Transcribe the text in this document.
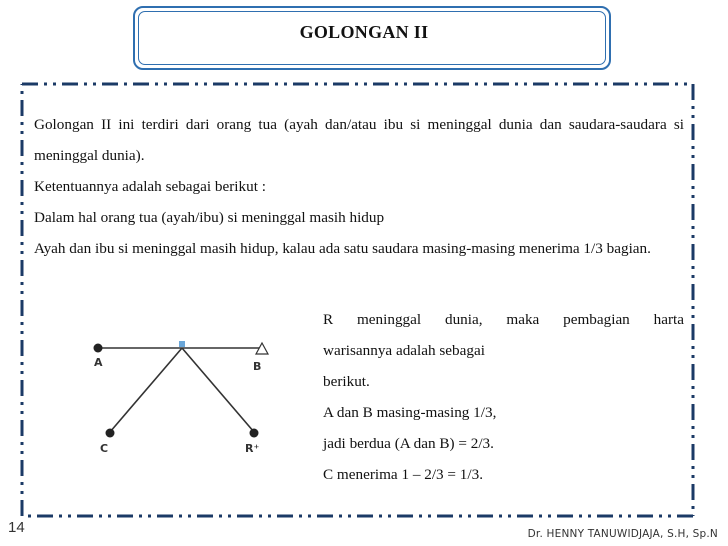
GOLONGAN II

Golongan II ini terdiri dari orang tua (ayah dan/atau ibu si meninggal dunia dan saudara-saudara si meninggal dunia).

Ketentuannya adalah sebagai berikut :

Dalam hal orang tua (ayah/ibu) si meninggal masih hidup

Ayah dan ibu si meninggal masih hidup, kalau ada satu saudara masing-masing menerima 1/3 bagian.

R meninggal dunia, maka pembagian harta
warisannya adalah sebagai
berikut.
A dan B masing-masing 1/3,
jadi berdua (A dan B) = 2/3.
C menerima 1 – 2/3 = 1/3.
A	B
C	R⁺
14	Dr. HENNY TANUWIDJAJA, S.H, Sp.N
